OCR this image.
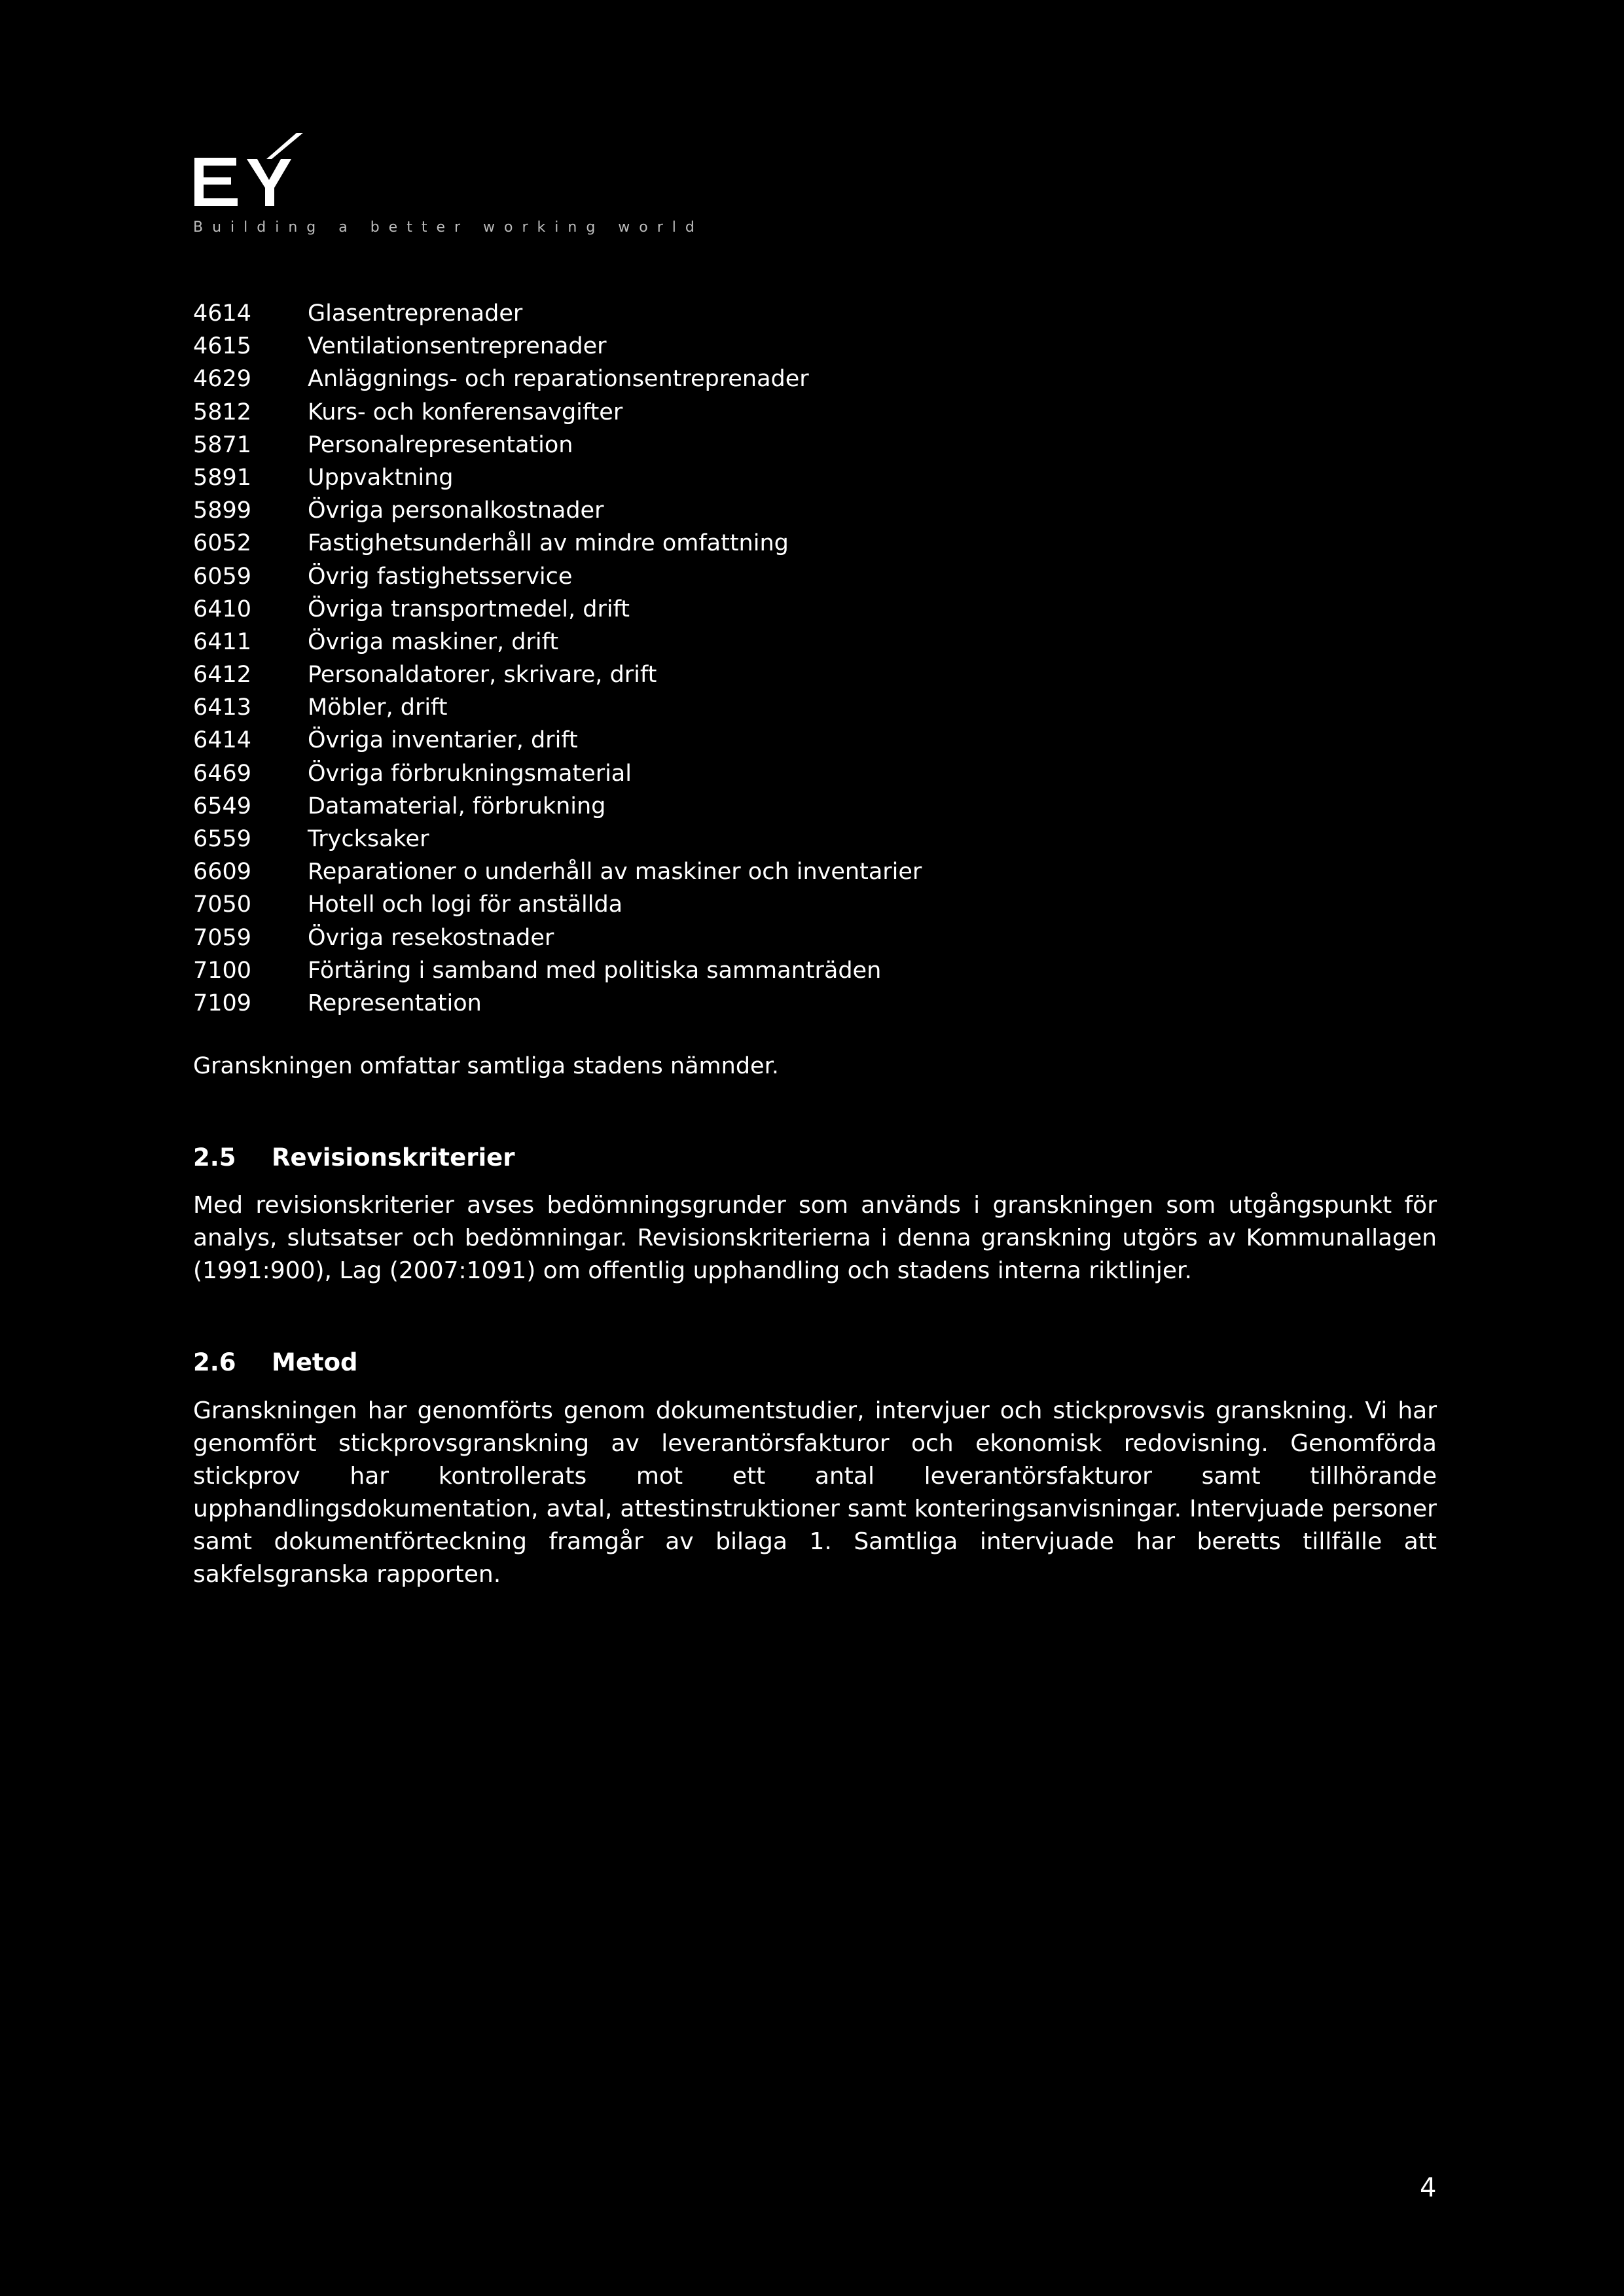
Building a better working world
4614 Glasentreprenader
4615 Ventilationsentreprenader
4629 Anläggnings- och reparationsentreprenader
5812 Kurs- och konferensavgifter
5871 Personalrepresentation
5891 Uppvaktning
5899 Övriga personalkostnader
6052 Fastighetsunderhåll av mindre omfattning
6059 Övrig fastighetsservice
6410 Övriga transportmedel, drift
6411 Övriga maskiner, drift
6412 Personaldatorer, skrivare, drift
6413 Möbler, drift
6414 Övriga inventarier, drift
6469 Övriga förbrukningsmaterial
6549 Datamaterial, förbrukning
6559 Trycksaker
6609 Reparationer o underhåll av maskiner och inventarier
7050 Hotell och logi för anställda
7059 Övriga resekostnader
7100 Förtäring i samband med politiska sammanträden
7109 Representation
Granskningen omfattar samtliga stadens nämnder.
2.5 Revisionskriterier
Med revisionskriterier avses bedömningsgrunder som används i granskningen som utgångspunkt för analys, slutsatser och bedömningar. Revisionskriterierna i denna granskning utgörs av Kommunallagen (1991:900), Lag (2007:1091) om offentlig upphandling och stadens interna riktlinjer.
2.6 Metod
Granskningen har genomförts genom dokumentstudier, intervjuer och stickprovsvis granskning. Vi har genomfört stickprovsgranskning av leverantörsfakturor och ekonomisk redovisning. Genomförda stickprov har kontrollerats mot ett antal leverantörsfakturor samt tillhörande upphandlingsdokumentation, avtal, attestinstruktioner samt konteringsanvisningar. Intervjuade personer samt dokumentförteckning framgår av bilaga 1. Samtliga intervjuade har beretts tillfälle att sakfelsgranska rapporten.
4
